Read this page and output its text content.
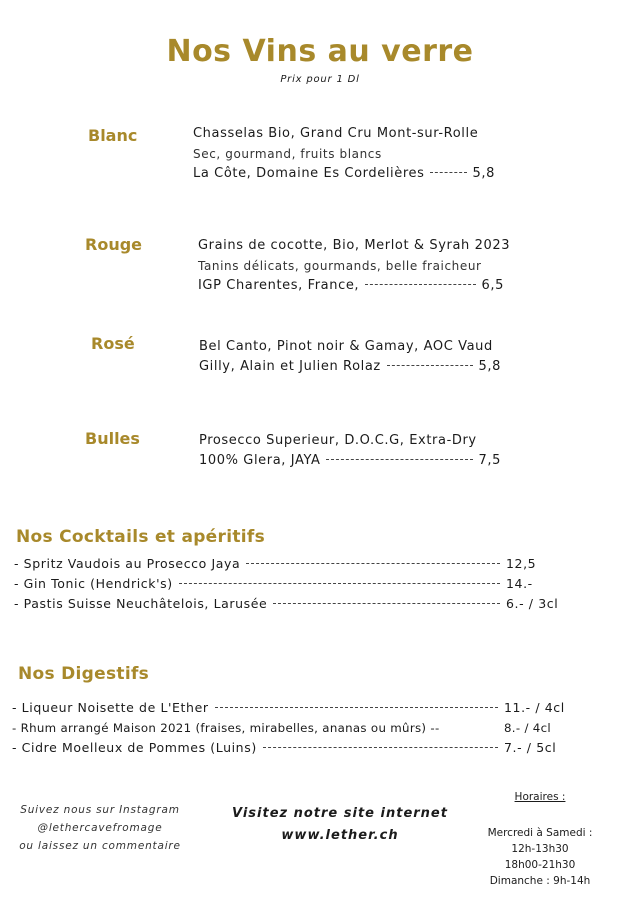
Nos Vins au verre
Prix pour 1 Dl
Blanc	Chasselas Bio, Grand Cru Mont-sur-Rolle
Sec, gourmand, fruits blancs
La Côte, Domaine Es Cordelières	5,8
Rouge	Grains de cocotte, Bio, Merlot & Syrah 2023
Tanins délicats, gourmands, belle fraicheur
IGP Charentes, France,	6,5
Rosé	Bel Canto, Pinot noir & Gamay, AOC Vaud
Gilly, Alain et Julien Rolaz	5,8
Bulles	Prosecco Superieur, D.O.C.G, Extra-Dry
100% Glera, JAYA	7,5
Nos Cocktails et apéritifs
- Spritz Vaudois au Prosecco Jaya	12,5
- Gin Tonic (Hendrick's)	14.-
- Pastis Suisse Neuchâtelois, Larusée	6.- / 3cl
Nos Digestifs
- Liqueur Noisette de L'Ether	11.- / 4cl
- Rhum arrangé Maison 2021 (fraises, mirabelles, ananas ou mûrs) --	8.- / 4cl
- Cidre Moelleux de Pommes (Luins)	7.- / 5cl
Suivez nous sur Instagram
@lethercavefromage
ou laissez un commentaire
Visitez notre site internet
www.lether.ch
Horaires :
Mercredi à Samedi :
12h-13h30
18h00-21h30
Dimanche : 9h-14h
